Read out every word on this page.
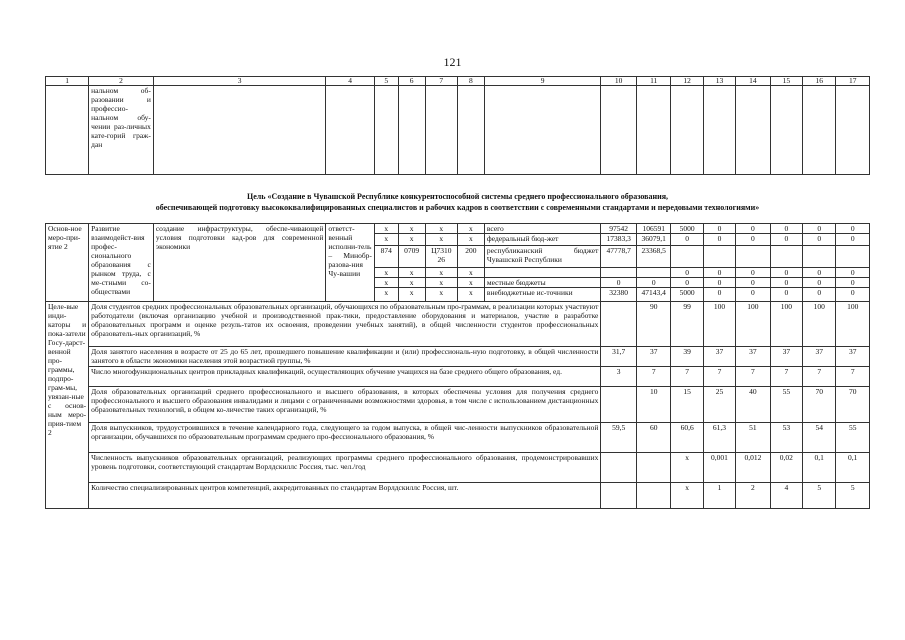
121
1	2	3	4	5	6	7	8	9	10	11	12	13	14	15	16	17
	нальном об-разовании и профессио-нальном обу-чении раз-личных кате-горий граж-дан															
Цель «Создание в Чувашской Республике конкурентоспособной системы среднего профессионального образования,
обеспечивающей подготовку высококвалифицированных специалистов и рабочих кадров в соответствии с современными стандартами и передовыми технологиями»
Основ-ное меро-при-ятие 2	Развитие взаимодейст-вия профес-сионального образования с рынком труда, с ме-стными со-обществами	создание инфраструктуры, обеспе-чивающей условия подготовки кад-ров для современной экономики	ответст-венный исполни-тель – Минобр-разова-ния Чу-вашии	x	x	x	x	всего	97542	106591	5000	0	0	0	0	0
				x	x	x	x	федеральный бюд-жет	17383,3	36079,1	0	0	0	0	0	0
				874	0709	Ц7310 26	200	республиканский бюджет Чувашской Республики	47778,7	23368,5						
				x	x	x	x				0	0	0	0	0	0
				x	x	x	x	местные бюджеты	0	0	0	0	0	0	0	0
				x	x	x	x	внебюджетные ис-точники	32380	47143,4	5000	0	0	0	0	0
Целе-вые инди-каторы и пока-затели Госу-дарст-венной про-граммы, подпро-грам-мы, увязан-ные с основ-ным меро-прия-тием 2	Доля студентов средних профессиональных образовательных организаций, обучающихся по образовательным про-граммам, в реализации которых участвуют работодатели (включая организацию учебной и производственной прак-тики, предоставление оборудования и материалов, участие в разработке образовательных программ и оценке резуль-татов их освоения, проведении учебных занятий), в общей численности студентов профессиональных образователь-ных организаций, %									90	99	100	100	100	100	100
	Доля занятого населения в возрасте от 25 до 65 лет, прошедшего повышение квалификации и (или) профессиональ-ную подготовку, в общей численности занятого в области экономики населения этой возрастной группы, %								31,7	37	39	37	37	37	37	37
	Число многофункциональных центров прикладных квалификаций, осуществляющих обучение учащихся на базе среднего общего образования, ед.								3	7	7	7	7	7	7	7
	Доля образовательных организаций среднего профессионального и высшего образования, в которых обеспечены условия для получения среднего профессионального и высшего образования инвалидами и лицами с ограниченными возможностями здоровья, в том числе с использованием дистанционных образовательных технологий, в общем ко-личестве таких организаций, %									10	15	25	40	55	70	70
	Доля выпускников, трудоустроившихся в течение календарного года, следующего за годом выпуска, в общей чис-ленности выпускников образовательной организации, обучавшихся по образовательным программам среднего про-фессионального образования, %								59,5	60	60,6	61,3	51	53	54	55
	Численность выпускников образовательных организаций, реализующих программы среднего профессионального образования, продемонстрировавших уровень подготовки, соответствующий стандартам Ворлдскиллс Россия, тыс. чел./год										x	0,001	0,012	0,02	0,1	0,1
	Количество специализированных центров компетенций, аккредитованных по стандартам Ворлдскиллс Россия, шт.										x	1	2	4	5	5
